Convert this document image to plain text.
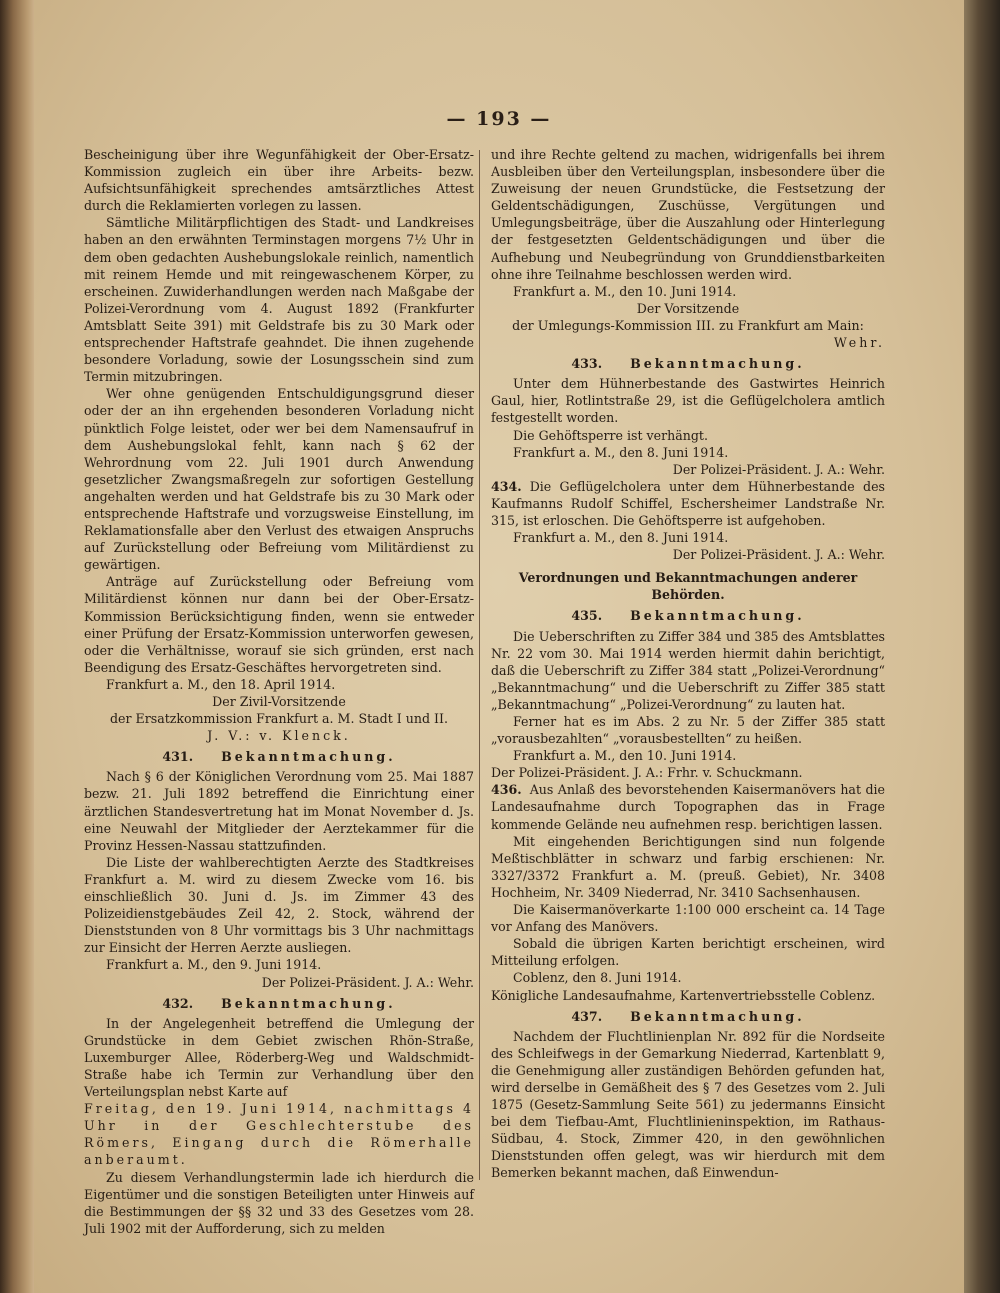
— 193 —

Bescheinigung über ihre Wegunfähigkeit der Ober-Ersatz-Kommission zugleich ein über ihre Arbeits- bezw. Aufsichtsunfähigkeit sprechendes amtsärztliches Attest durch die Reklamierten vorlegen zu lassen.

Sämtliche Militärpflichtigen des Stadt- und Landkreises haben an den erwähnten Terminstagen morgens 7½ Uhr in dem oben gedachten Aushebungslokale reinlich, namentlich mit reinem Hemde und mit reingewaschenem Körper, zu erscheinen. Zuwiderhandlungen werden nach Maßgabe der Polizei-Verordnung vom 4. August 1892 (Frankfurter Amtsblatt Seite 391) mit Geldstrafe bis zu 30 Mark oder entsprechender Haftstrafe geahndet. Die ihnen zugehende besondere Vorladung, sowie der Losungsschein sind zum Termin mitzubringen.

Wer ohne genügenden Entschuldigungsgrund dieser oder der an ihn ergehenden besonderen Vorladung nicht pünktlich Folge leistet, oder wer bei dem Namensaufruf in dem Aushebungslokal fehlt, kann nach § 62 der Wehrordnung vom 22. Juli 1901 durch Anwendung gesetzlicher Zwangsmaßregeln zur sofortigen Gestellung angehalten werden und hat Geldstrafe bis zu 30 Mark oder entsprechende Haftstrafe und vorzugsweise Einstellung, im Reklamationsfalle aber den Verlust des etwaigen Anspruchs auf Zurückstellung oder Befreiung vom Militärdienst zu gewärtigen.

Anträge auf Zurückstellung oder Befreiung vom Militärdienst können nur dann bei der Ober-Ersatz-Kommission Berücksichtigung finden, wenn sie entweder einer Prüfung der Ersatz-Kommission unterworfen gewesen, oder die Verhältnisse, worauf sie sich gründen, erst nach Beendigung des Ersatz-Geschäftes hervorgetreten sind.

Frankfurt a. M., den 18. April 1914.

Der Zivil-Vorsitzende

der Ersatzkommission Frankfurt a. M. Stadt I und II.

J. V.: v. Klenck.

431. Bekanntmachung.

Nach § 6 der Königlichen Verordnung vom 25. Mai 1887 bezw. 21. Juli 1892 betreffend die Einrichtung einer ärztlichen Standesvertretung hat im Monat November d. Js. eine Neuwahl der Mitglieder der Aerztekammer für die Provinz Hessen-Nassau stattzufinden.

Die Liste der wahlberechtigten Aerzte des Stadtkreises Frankfurt a. M. wird zu diesem Zwecke vom 16. bis einschließlich 30. Juni d. Js. im Zimmer 43 des Polizeidienstgebäudes Zeil 42, 2. Stock, während der Dienststunden von 8 Uhr vormittags bis 3 Uhr nachmittags zur Einsicht der Herren Aerzte ausliegen.

Frankfurt a. M., den 9. Juni 1914.

Der Polizei-Präsident. J. A.: Wehr.

432. Bekanntmachung.

In der Angelegenheit betreffend die Umlegung der Grundstücke in dem Gebiet zwischen Rhön-Straße, Luxemburger Allee, Röderberg-Weg und Waldschmidt-Straße habe ich Termin zur Verhandlung über den Verteilungsplan nebst Karte auf

Freitag, den 19. Juni 1914, nachmittags 4 Uhr in der Geschlechterstube des Römers, Eingang durch die Römerhalle anberaumt.

Zu diesem Verhandlungstermin lade ich hierdurch die Eigentümer und die sonstigen Beteiligten unter Hinweis auf die Bestimmungen der §§ 32 und 33 des Gesetzes vom 28. Juli 1902 mit der Aufforderung, sich zu melden

und ihre Rechte geltend zu machen, widrigenfalls bei ihrem Ausbleiben über den Verteilungsplan, insbesondere über die Zuweisung der neuen Grundstücke, die Festsetzung der Geldentschädigungen, Zuschüsse, Vergütungen und Umlegungsbeiträge, über die Auszahlung oder Hinterlegung der festgesetzten Geldentschädigungen und über die Aufhebung und Neubegründung von Grunddienstbarkeiten ohne ihre Teilnahme beschlossen werden wird.

Frankfurt a. M., den 10. Juni 1914.

Der Vorsitzende

der Umlegungs-Kommission III. zu Frankfurt am Main:

Wehr.

433. Bekanntmachung.

Unter dem Hühnerbestande des Gastwirtes Heinrich Gaul, hier, Rotlintstraße 29, ist die Geflügelcholera amtlich festgestellt worden.

Die Gehöftsperre ist verhängt.

Frankfurt a. M., den 8. Juni 1914.

Der Polizei-Präsident. J. A.: Wehr.

434. Die Geflügelcholera unter dem Hühnerbestande des Kaufmanns Rudolf Schiffel, Eschersheimer Landstraße Nr. 315, ist erloschen. Die Gehöftsperre ist aufgehoben.

Frankfurt a. M., den 8. Juni 1914.

Der Polizei-Präsident. J. A.: Wehr.

Verordnungen und Bekanntmachungen anderer Behörden.
435. Bekanntmachung.

Die Ueberschriften zu Ziffer 384 und 385 des Amtsblattes Nr. 22 vom 30. Mai 1914 werden hiermit dahin berichtigt, daß die Ueberschrift zu Ziffer 384 statt „Polizei-Verordnung“ „Bekanntmachung“ und die Ueberschrift zu Ziffer 385 statt „Bekanntmachung“ „Polizei-Verordnung“ zu lauten hat.

Ferner hat es im Abs. 2 zu Nr. 5 der Ziffer 385 statt „vorausbezahlten“ „vorausbestellten“ zu heißen.

Frankfurt a. M., den 10. Juni 1914.

Der Polizei-Präsident. J. A.: Frhr. v. Schuckmann.

436. Aus Anlaß des bevorstehenden Kaisermanövers hat die Landesaufnahme durch Topographen das in Frage kommende Gelände neu aufnehmen resp. berichtigen lassen.

Mit eingehenden Berichtigungen sind nun folgende Meßtischblätter in schwarz und farbig erschienen: Nr. 3327/3372 Frankfurt a. M. (preuß. Gebiet), Nr. 3408 Hochheim, Nr. 3409 Niederrad, Nr. 3410 Sachsenhausen.

Die Kaisermanöverkarte 1:100 000 erscheint ca. 14 Tage vor Anfang des Manövers.

Sobald die übrigen Karten berichtigt erscheinen, wird Mitteilung erfolgen.

Coblenz, den 8. Juni 1914.

Königliche Landesaufnahme, Kartenvertriebsstelle Coblenz.

437. Bekanntmachung.

Nachdem der Fluchtlinienplan Nr. 892 für die Nordseite des Schleifwegs in der Gemarkung Niederrad, Kartenblatt 9, die Genehmigung aller zuständigen Behörden gefunden hat, wird derselbe in Gemäßheit des § 7 des Gesetzes vom 2. Juli 1875 (Gesetz-Sammlung Seite 561) zu jedermanns Einsicht bei dem Tiefbau-Amt, Fluchtlinieninspektion, im Rathaus-Südbau, 4. Stock, Zimmer 420, in den gewöhnlichen Dienststunden offen gelegt, was wir hierdurch mit dem Bemerken bekannt machen, daß Einwendun-
